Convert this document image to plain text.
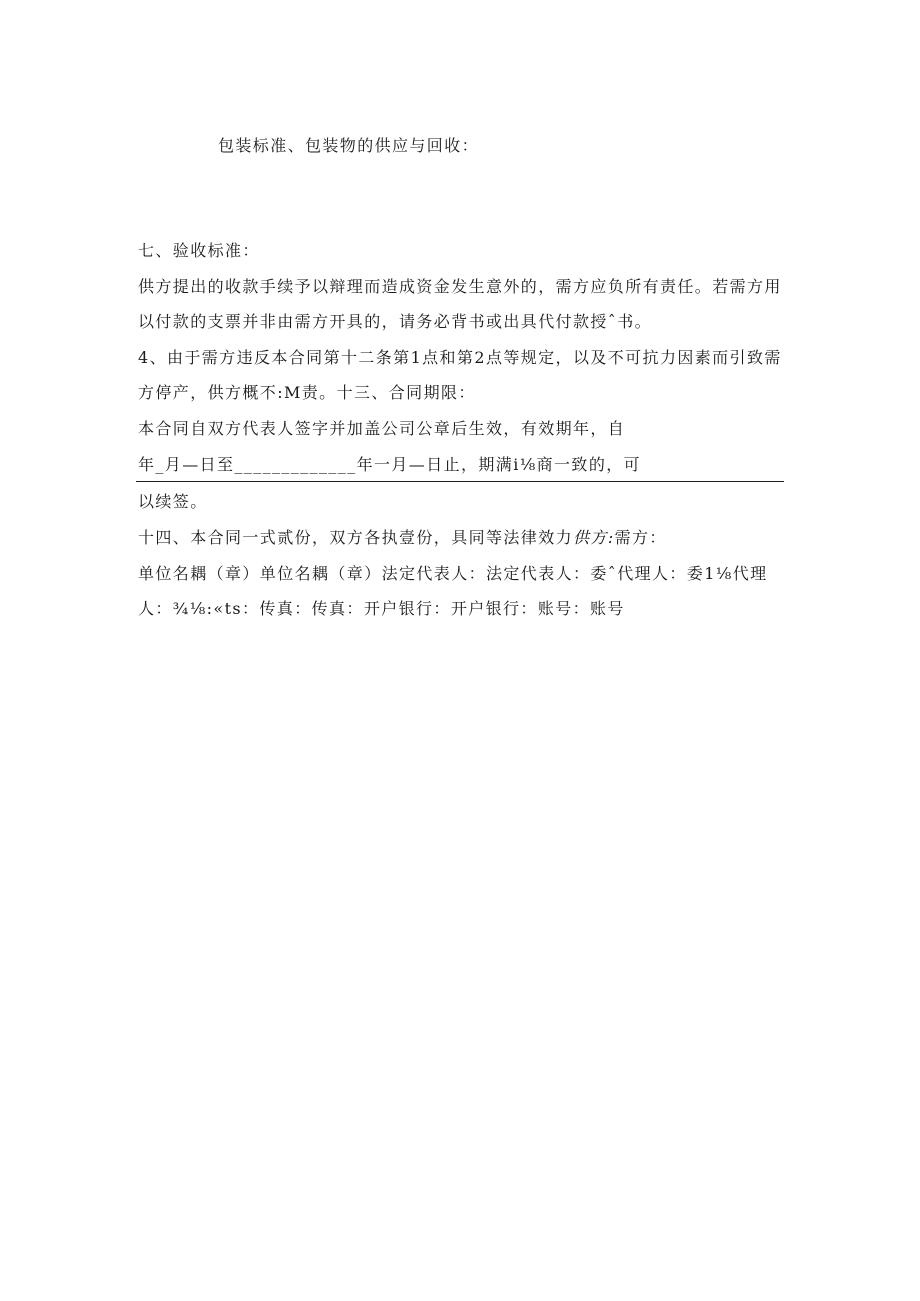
包装标准、包装物的供应与回收：
七、验收标准：
供方提出的收款手续予以辩理而造成资金发生意外的，需方应负所有责任。若需方用
以付款的支票并非由需方开具的，请务必背书或出具代付款授ˆ书。
4、由于需方违反本合同第十二条第1点和第2点等规定，以及不可抗力因素而引致需
方停产，供方概不:M责。十三、合同期限：
本合同自双方代表人签字并加盖公司公章后生效，有效期年，自
年_月—日至_____________年一月—日止，期满i⅛商一致的，可
以续签。
十四、本合同一式贰份，双方各执壹份，具同等法律效力供方:需方：
单位名耦（章）单位名耦（章）法定代表人：法定代表人：委ˆ代理人：委1⅛代理
人：¾⅛:«ts：传真：传真：开户银行：开户银行：账号：账号
